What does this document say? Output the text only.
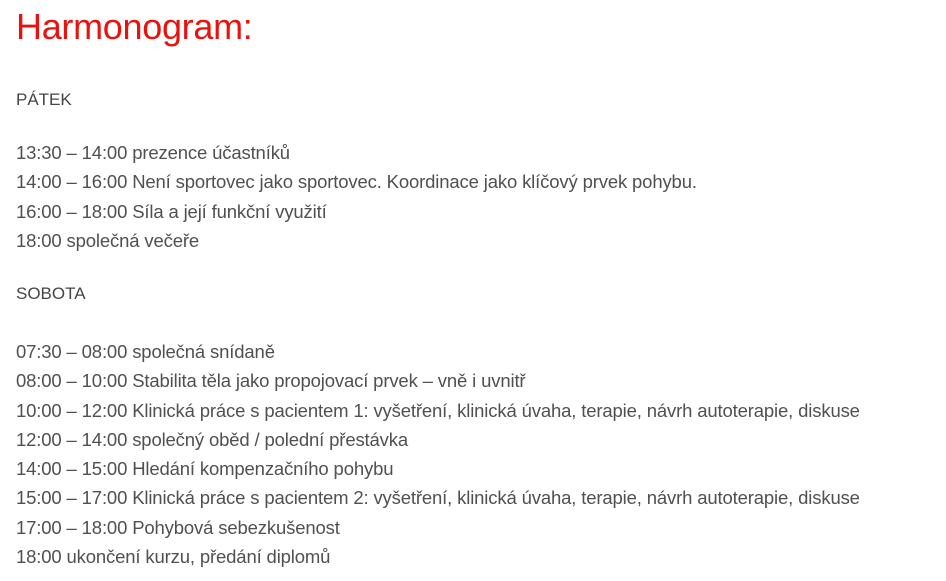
Harmonogram:
PÁTEK
13:30 – 14:00 prezence účastníků
14:00 – 16:00 Není sportovec jako sportovec. Koordinace jako klíčový prvek pohybu.
16:00 – 18:00 Síla a její funkční využití
18:00 společná večeře
SOBOTA
07:30 – 08:00 společná snídaně
08:00 – 10:00 Stabilita těla jako propojovací prvek – vně i uvnitř
10:00 – 12:00 Klinická práce s pacientem 1: vyšetření, klinická úvaha, terapie, návrh autoterapie, diskuse
12:00 – 14:00 společný oběd / polední přestávka
14:00 – 15:00 Hledání kompenzačního pohybu
15:00 – 17:00 Klinická práce s pacientem 2: vyšetření, klinická úvaha, terapie, návrh autoterapie, diskuse
17:00 – 18:00 Pohybová sebezkušenost
18:00 ukončení kurzu, předání diplomů
